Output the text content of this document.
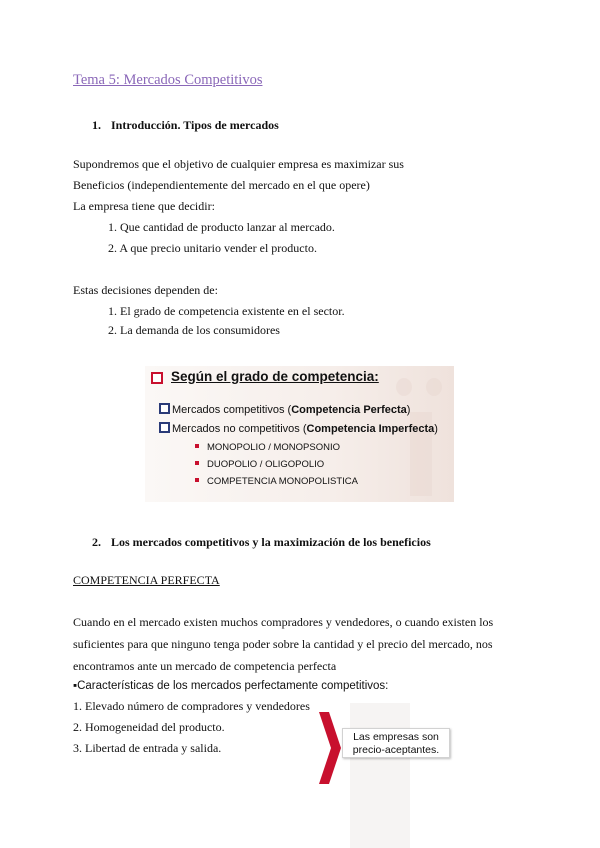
Tema 5: Mercados Competitivos
1. Introducción. Tipos de mercados
Supondremos que el objetivo de cualquier empresa es maximizar sus
Beneficios (independientemente del mercado en el que opere)
La empresa tiene que decidir:
1. Que cantidad de producto lanzar al mercado.
2. A que precio unitario vender el producto.
Estas decisiones dependen de:
1. El grado de competencia existente en el sector.
2. La demanda de los consumidores
Según el grado de competencia:
Mercados competitivos (Competencia Perfecta)
Mercados no competitivos (Competencia Imperfecta)
MONOPOLIO / MONOPSONIO
DUOPOLIO / OLIGOPOLIO
COMPETENCIA MONOPOLISTICA
2. Los mercados competitivos y la maximización de los beneficios
COMPETENCIA PERFECTA
Cuando en el mercado existen muchos compradores y vendedores, o cuando existen los
suficientes para que ninguno tenga poder sobre la cantidad y el precio del mercado, nos
encontramos ante un mercado de competencia perfecta
▪Características de los mercados perfectamente competitivos:
1. Elevado número de compradores y vendedores
2. Homogeneidad del producto.
3. Libertad de entrada y salida.
Las empresas son
precio-aceptantes.
